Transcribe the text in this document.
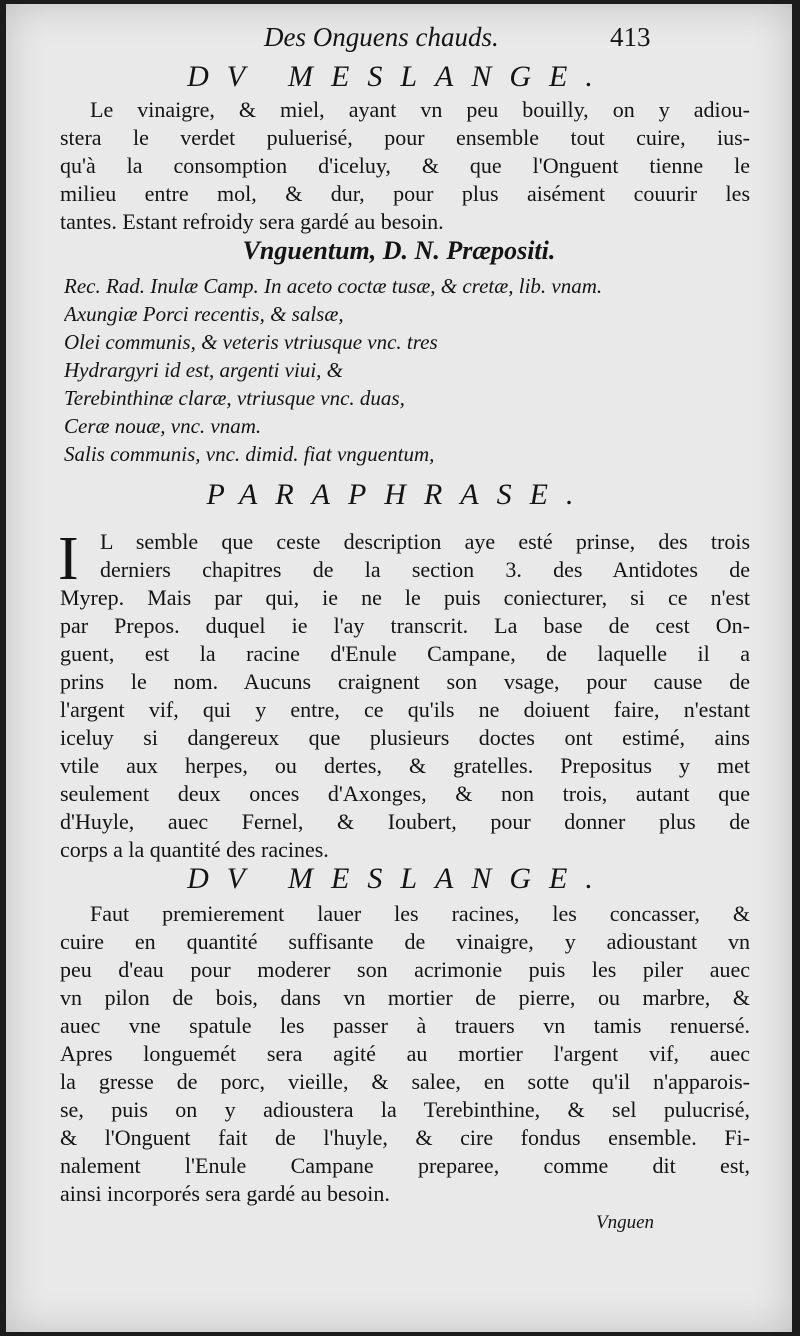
Des Onguens chauds.	413
DV MESLANGE.
Le vinaigre, & miel, ayant vn peu bouilly, on y adiou-
stera le verdet puluerisé, pour ensemble tout cuire, ius-
qu'à la consomption d'iceluy, & que l'Onguent tienne le
milieu entre mol, & dur, pour plus aisément couurir les
tantes. Estant refroidy sera gardé au besoin.
Vnguentum, D. N. Præpositi.
Rec. Rad. Inulæ Camp. In aceto coctæ tusæ, & cretæ, lib. vnam.
Axungiæ Porci recentis, & salsæ,
Olei communis, & veteris vtriusque vnc. tres
Hydrargyri id est, argenti viui, &
Terebinthinæ claræ, vtriusque vnc. duas,
Ceræ nouæ, vnc. vnam.
Salis communis, vnc. dimid. fiat vnguentum,
PARAPHRASE.
I L semble que ceste description aye esté prinse, des trois
derniers chapitres de la section 3. des Antidotes de
Myrep. Mais par qui, ie ne le puis coniecturer, si ce n'est
par Prepos. duquel ie l'ay transcrit. La base de cest On-
guent, est la racine d'Enule Campane, de laquelle il a
prins le nom. Aucuns craignent son vsage, pour cause de
l'argent vif, qui y entre, ce qu'ils ne doiuent faire, n'estant
iceluy si dangereux que plusieurs doctes ont estimé, ains
vtile aux herpes, ou dertes, & gratelles. Prepositus y met
seulement deux onces d'Axonges, & non trois, autant que
d'Huyle, auec Fernel, & Ioubert, pour donner plus de
corps a la quantité des racines.
DV MESLANGE.
Faut premierement lauer les racines, les concasser, &
cuire en quantité suffisante de vinaigre, y adioustant vn
peu d'eau pour moderer son acrimonie puis les piler auec
vn pilon de bois, dans vn mortier de pierre, ou marbre, &
auec vne spatule les passer à trauers vn tamis renuersé.
Apres longuemét sera agité au mortier l'argent vif, auec
la gresse de porc, vieille, & salee, en sotte qu'il n'apparois-
se, puis on y adioustera la Terebinthine, & sel pulucrisé,
& l'Onguent fait de l'huyle, & cire fondus ensemble. Fi-
nalement l'Enule Campane preparee, comme dit est,
ainsi incorporés sera gardé au besoin.
Vnguen
